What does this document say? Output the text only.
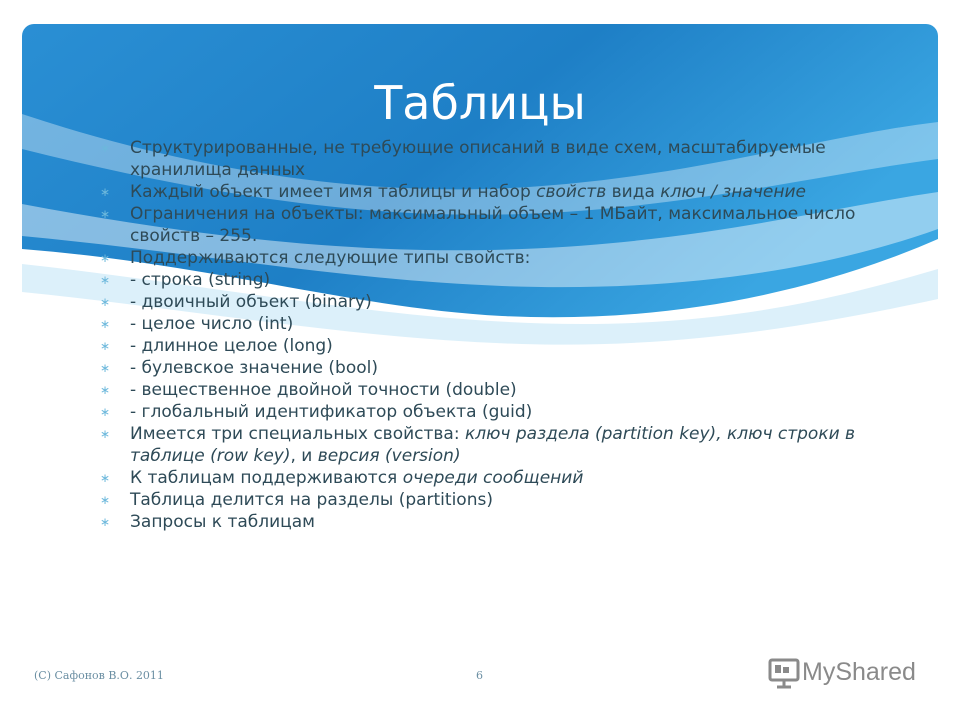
Таблицы
∗	Структурированные, не требующие описаний в виде схем, масштабируемые хранилища данных
∗	Каждый объект имеет имя таблицы и набор свойств вида ключ / значение
∗	Ограничения на объекты: максимальный объем – 1 МБайт, максимальное число свойств – 255.
∗	Поддерживаются следующие типы свойств:
∗	- строка (string)
∗	- двоичный объект (binary)
∗	- целое число (int)
∗	- длинное целое (long)
∗	- булевское значение (bool)
∗	- вещественное двойной точности (double)
∗	- глобальный идентификатор объекта (guid)
∗	Имеется три специальных свойства: ключ раздела (partition key), ключ строки в таблице (row key), и версия (version)
∗	К таблицам поддерживаются очереди сообщений
∗	Таблица делится на разделы (partitions)
∗	Запросы к таблицам
(C) Сафонов В.О. 2011	6	MyShared
